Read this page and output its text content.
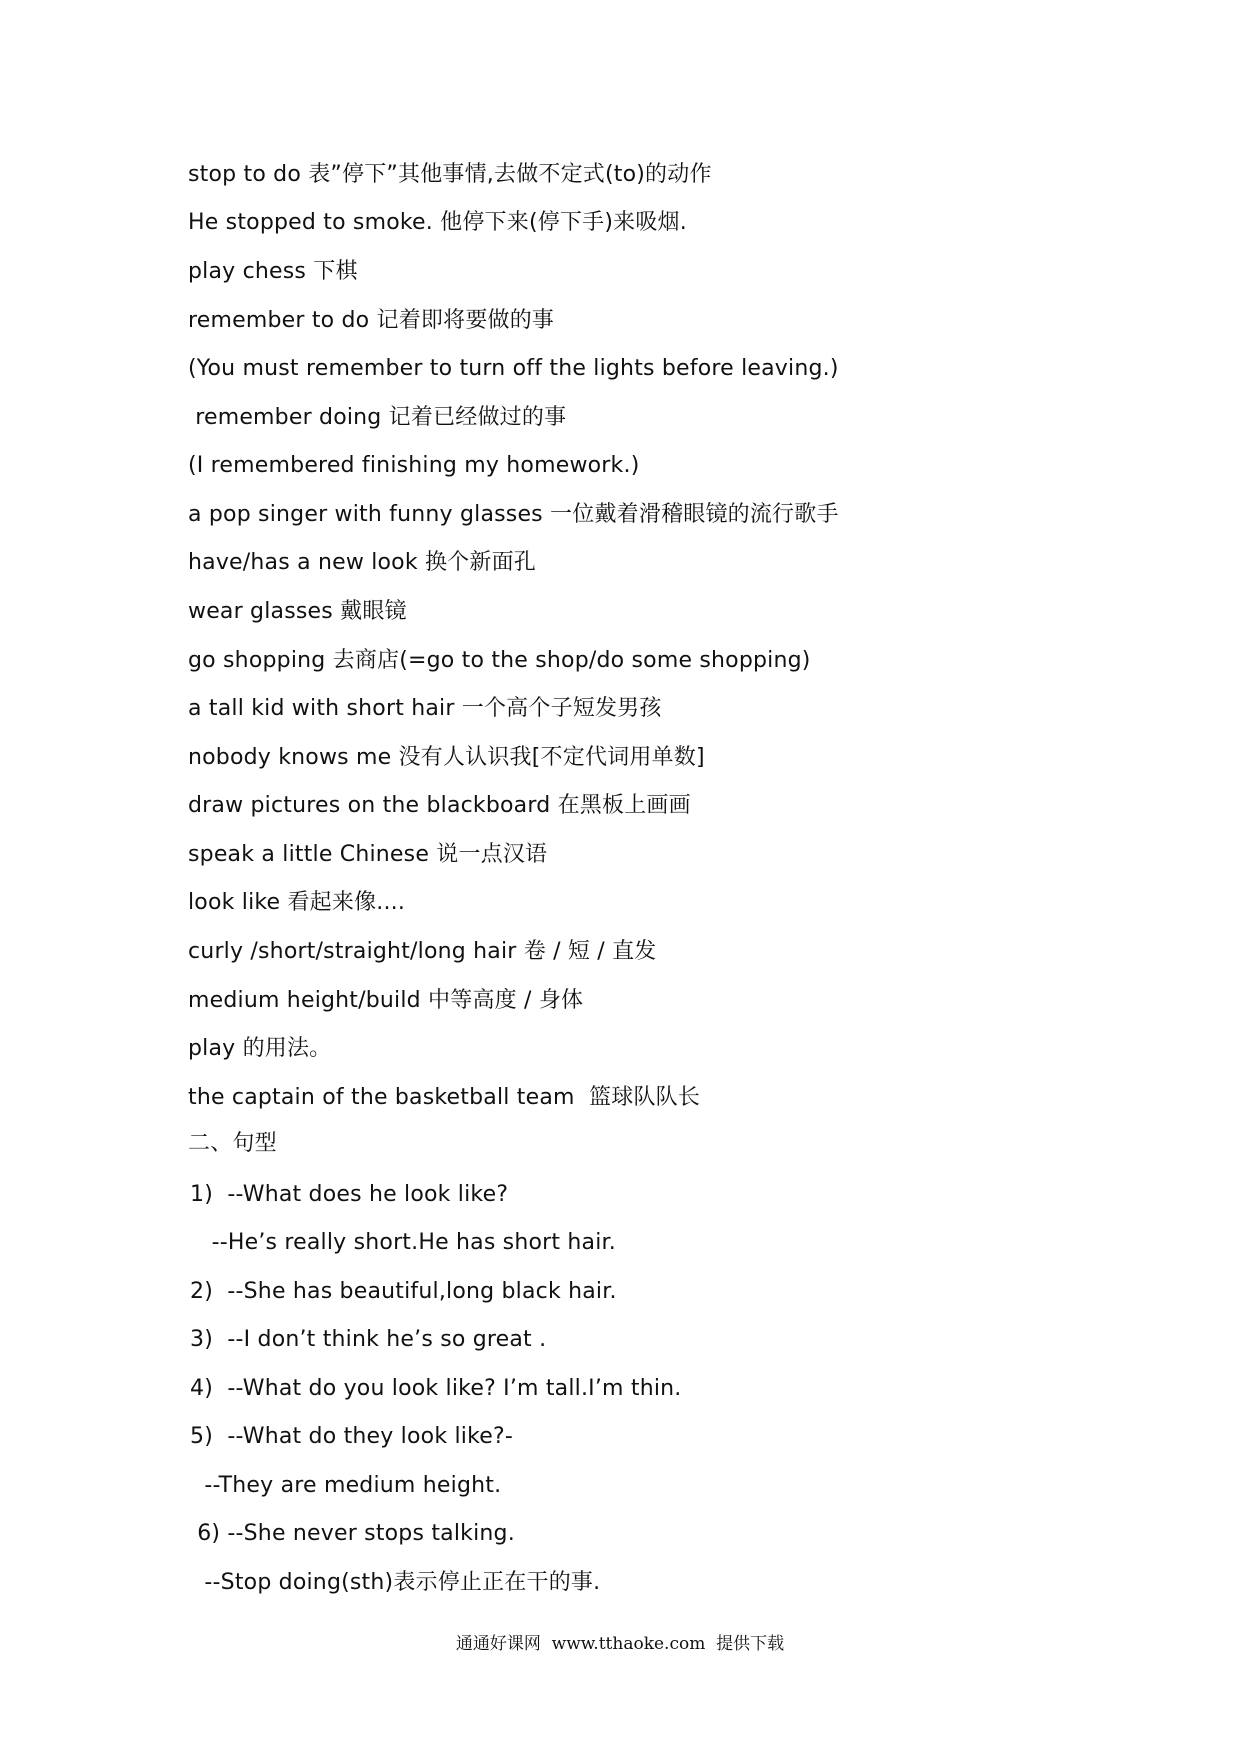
stop to do 表”停下”其他事情,去做不定式(to)的动作
He stopped to smoke. 他停下来(停下手)来吸烟.
play chess 下棋
remember to do 记着即将要做的事
(You must remember to turn off the lights before leaving.)
remember doing 记着已经做过的事
(I remembered finishing my homework.)
a pop singer with funny glasses 一位戴着滑稽眼镜的流行歌手
have/has a new look 换个新面孔
wear glasses 戴眼镜
go shopping 去商店(=go to the shop/do some shopping)
a tall kid with short hair 一个高个子短发男孩
nobody knows me 没有人认识我[不定代词用单数]
draw pictures on the blackboard 在黑板上画画
speak a little Chinese 说一点汉语
look like 看起来像....
curly /short/straight/long hair 卷 / 短 / 直发
medium height/build 中等高度 / 身体
play 的用法。
the captain of the basketball team  篮球队队长
二、句型
1)  --What does he look like?
--He’s really short.He has short hair.
2)  --She has beautiful,long black hair.
3)  --I don’t think he’s so great .
4)  --What do you look like? I’m tall.I’m thin.
5)  --What do they look like?-
--They are medium height.
6) --She never stops talking.
--Stop doing(sth)表示停止正在干的事.
通通好课网  www.tthaoke.com  提供下载
